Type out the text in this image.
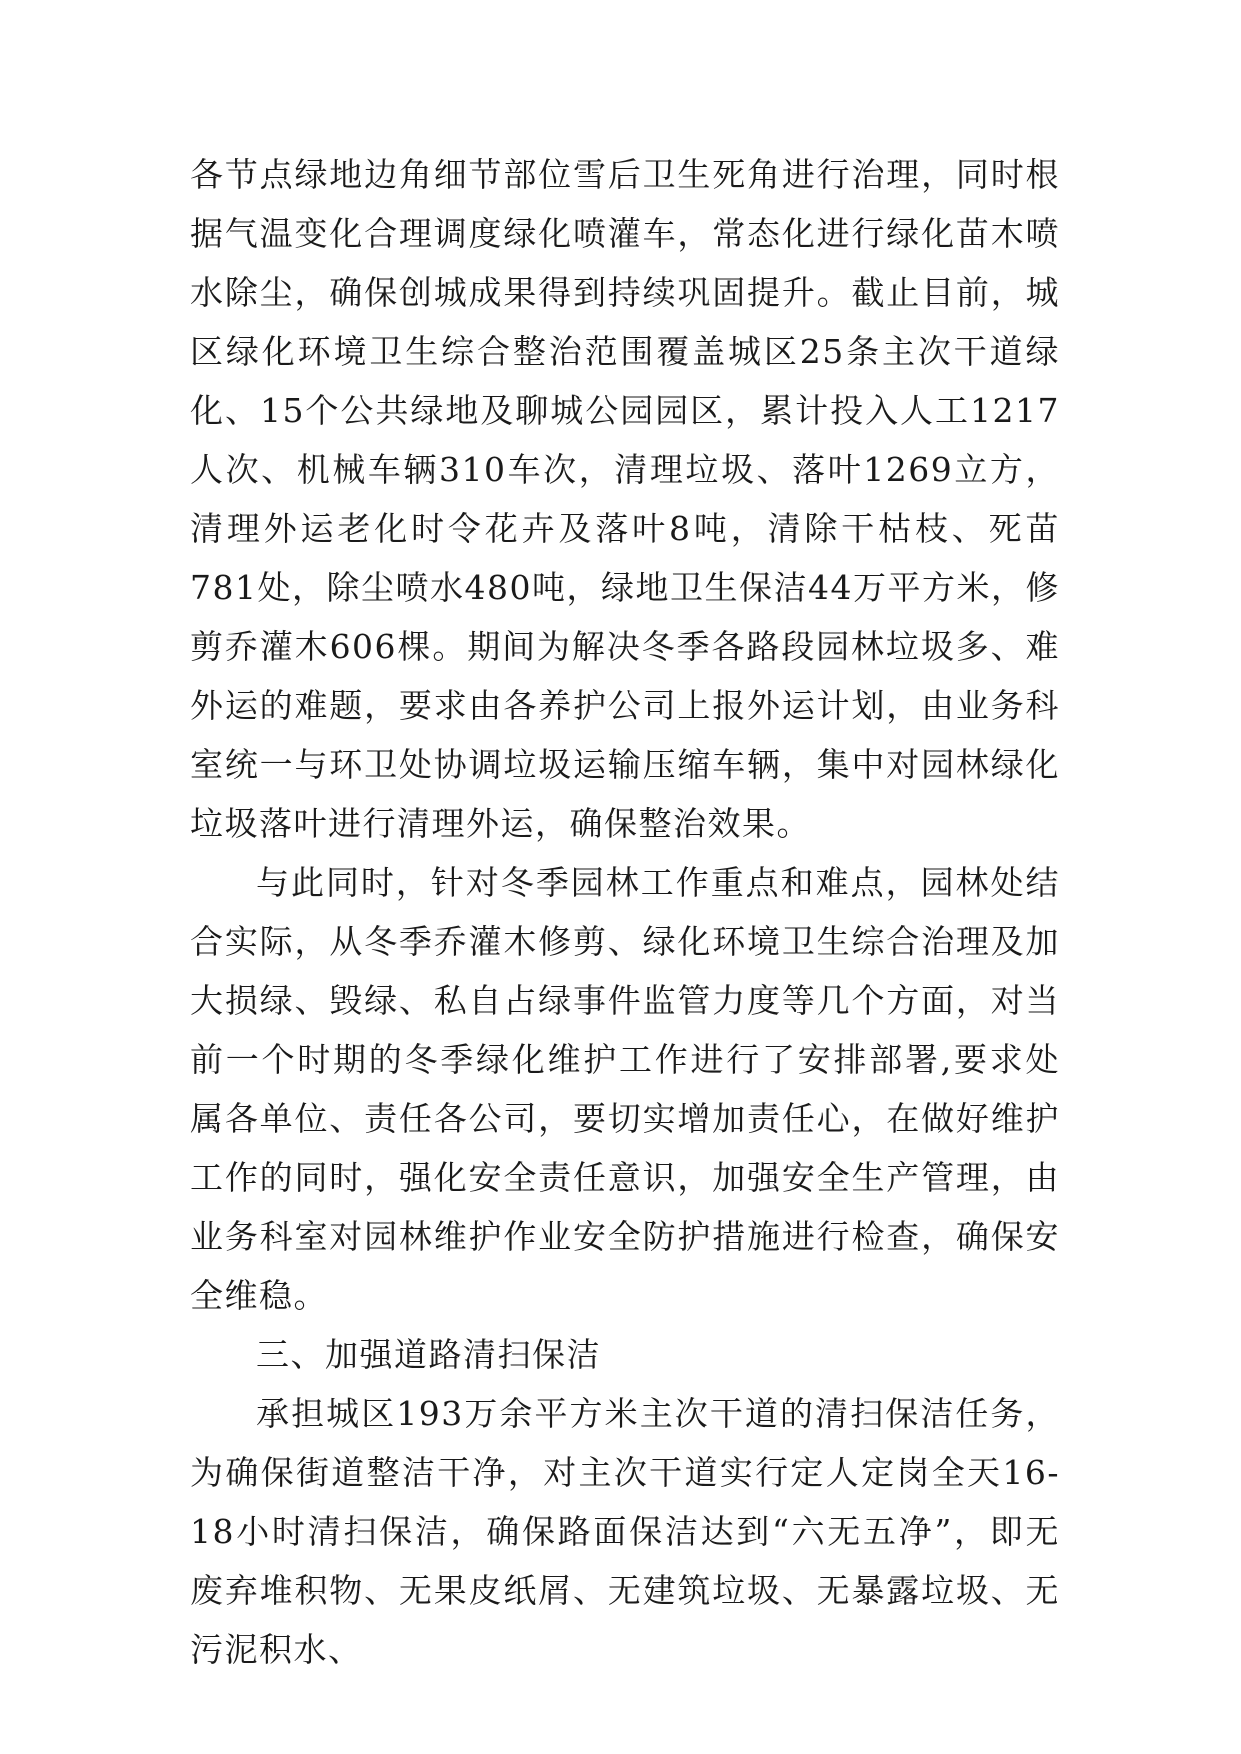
各节点绿地边角细节部位雪后卫生死角进行治理，同时根据气温变化合理调度绿化喷灌车，常态化进行绿化苗木喷水除尘，确保创城成果得到持续巩固提升。截止目前，城区绿化环境卫生综合整治范围覆盖城区25条主次干道绿化、15个公共绿地及聊城公园园区，累计投入人工1217人次、机械车辆310车次，清理垃圾、落叶1269立方，清理外运老化时令花卉及落叶8吨，清除干枯枝、死苗781处，除尘喷水480吨，绿地卫生保洁44万平方米，修剪乔灌木606棵。期间为解决冬季各路段园林垃圾多、难外运的难题，要求由各养护公司上报外运计划，由业务科室统一与环卫处协调垃圾运输压缩车辆，集中对园林绿化垃圾落叶进行清理外运，确保整治效果。

与此同时，针对冬季园林工作重点和难点，园林处结合实际，从冬季乔灌木修剪、绿化环境卫生综合治理及加大损绿、毁绿、私自占绿事件监管力度等几个方面，对当前一个时期的冬季绿化维护工作进行了安排部署,要求处属各单位、责任各公司，要切实增加责任心，在做好维护工作的同时，强化安全责任意识，加强安全生产管理，由业务科室对园林维护作业安全防护措施进行检查，确保安全维稳。

三、加强道路清扫保洁

承担城区193万余平方米主次干道的清扫保洁任务，为确保街道整洁干净，对主次干道实行定人定岗全天16-18小时清扫保洁，确保路面保洁达到“六无五净”，即无废弃堆积物、无果皮纸屑、无建筑垃圾、无暴露垃圾、无污泥积水、
